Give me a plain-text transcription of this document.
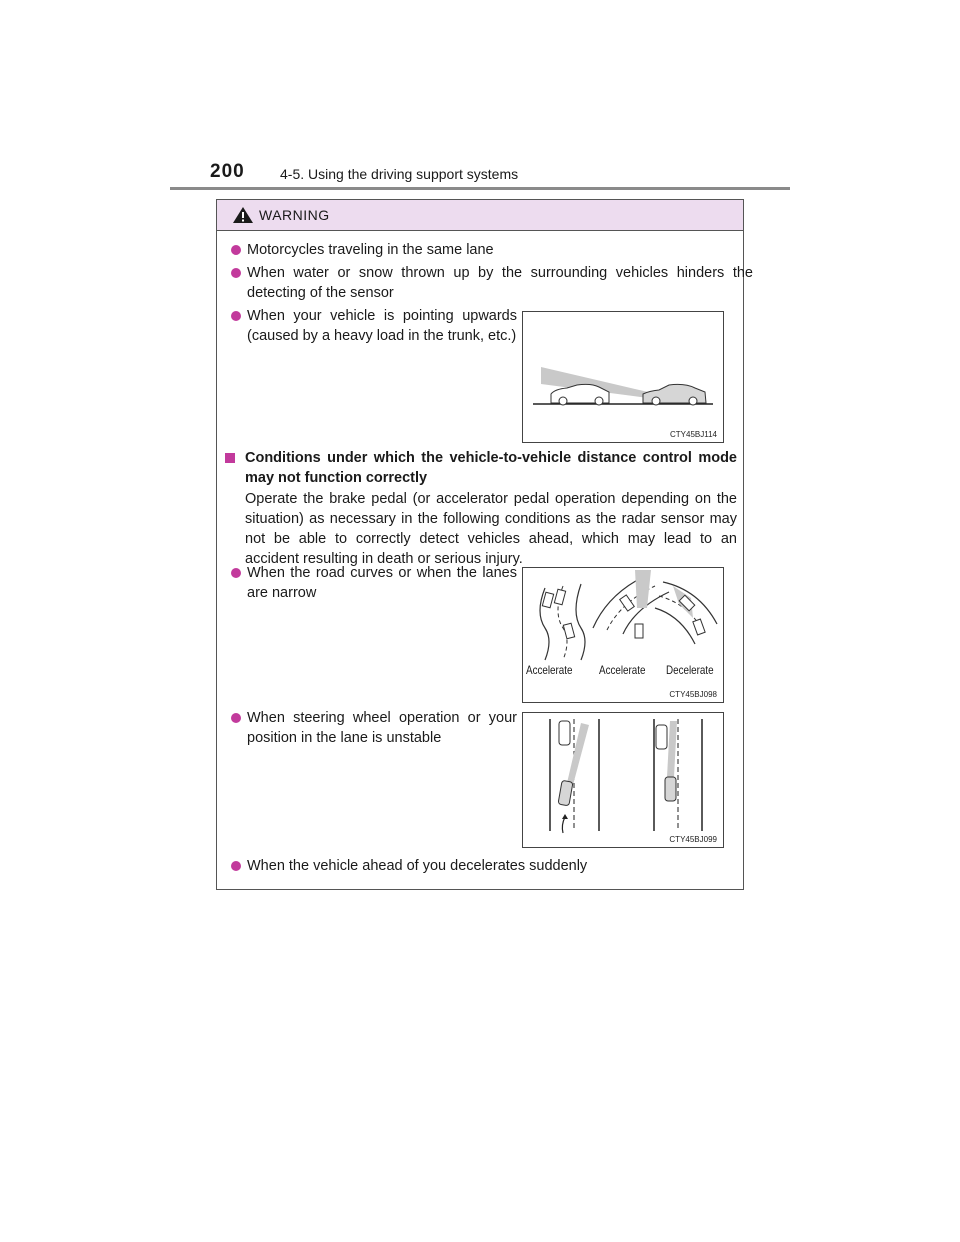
200	4-5. Using the driving support systems
WARNING
Motorcycles traveling in the same lane
When water or snow thrown up by the surrounding vehicles hinders the detecting of the sensor
When your vehicle is pointing upwards (caused by a heavy load in the trunk, etc.)
CTY45BJ114
Conditions under which the vehicle-to-vehicle distance control mode may not function correctly
Operate the brake pedal (or accelerator pedal operation depending on the situation) as necessary in the following conditions as the radar sensor may not be able to correctly detect vehicles ahead, which may lead to an accident resulting in death or serious injury.
When the road curves or when the lanes are narrow
Accelerate Accelerate Decelerate
CTY45BJ098
When steering wheel operation or your position in the lane is unstable
CTY45BJ099
When the vehicle ahead of you decelerates suddenly
